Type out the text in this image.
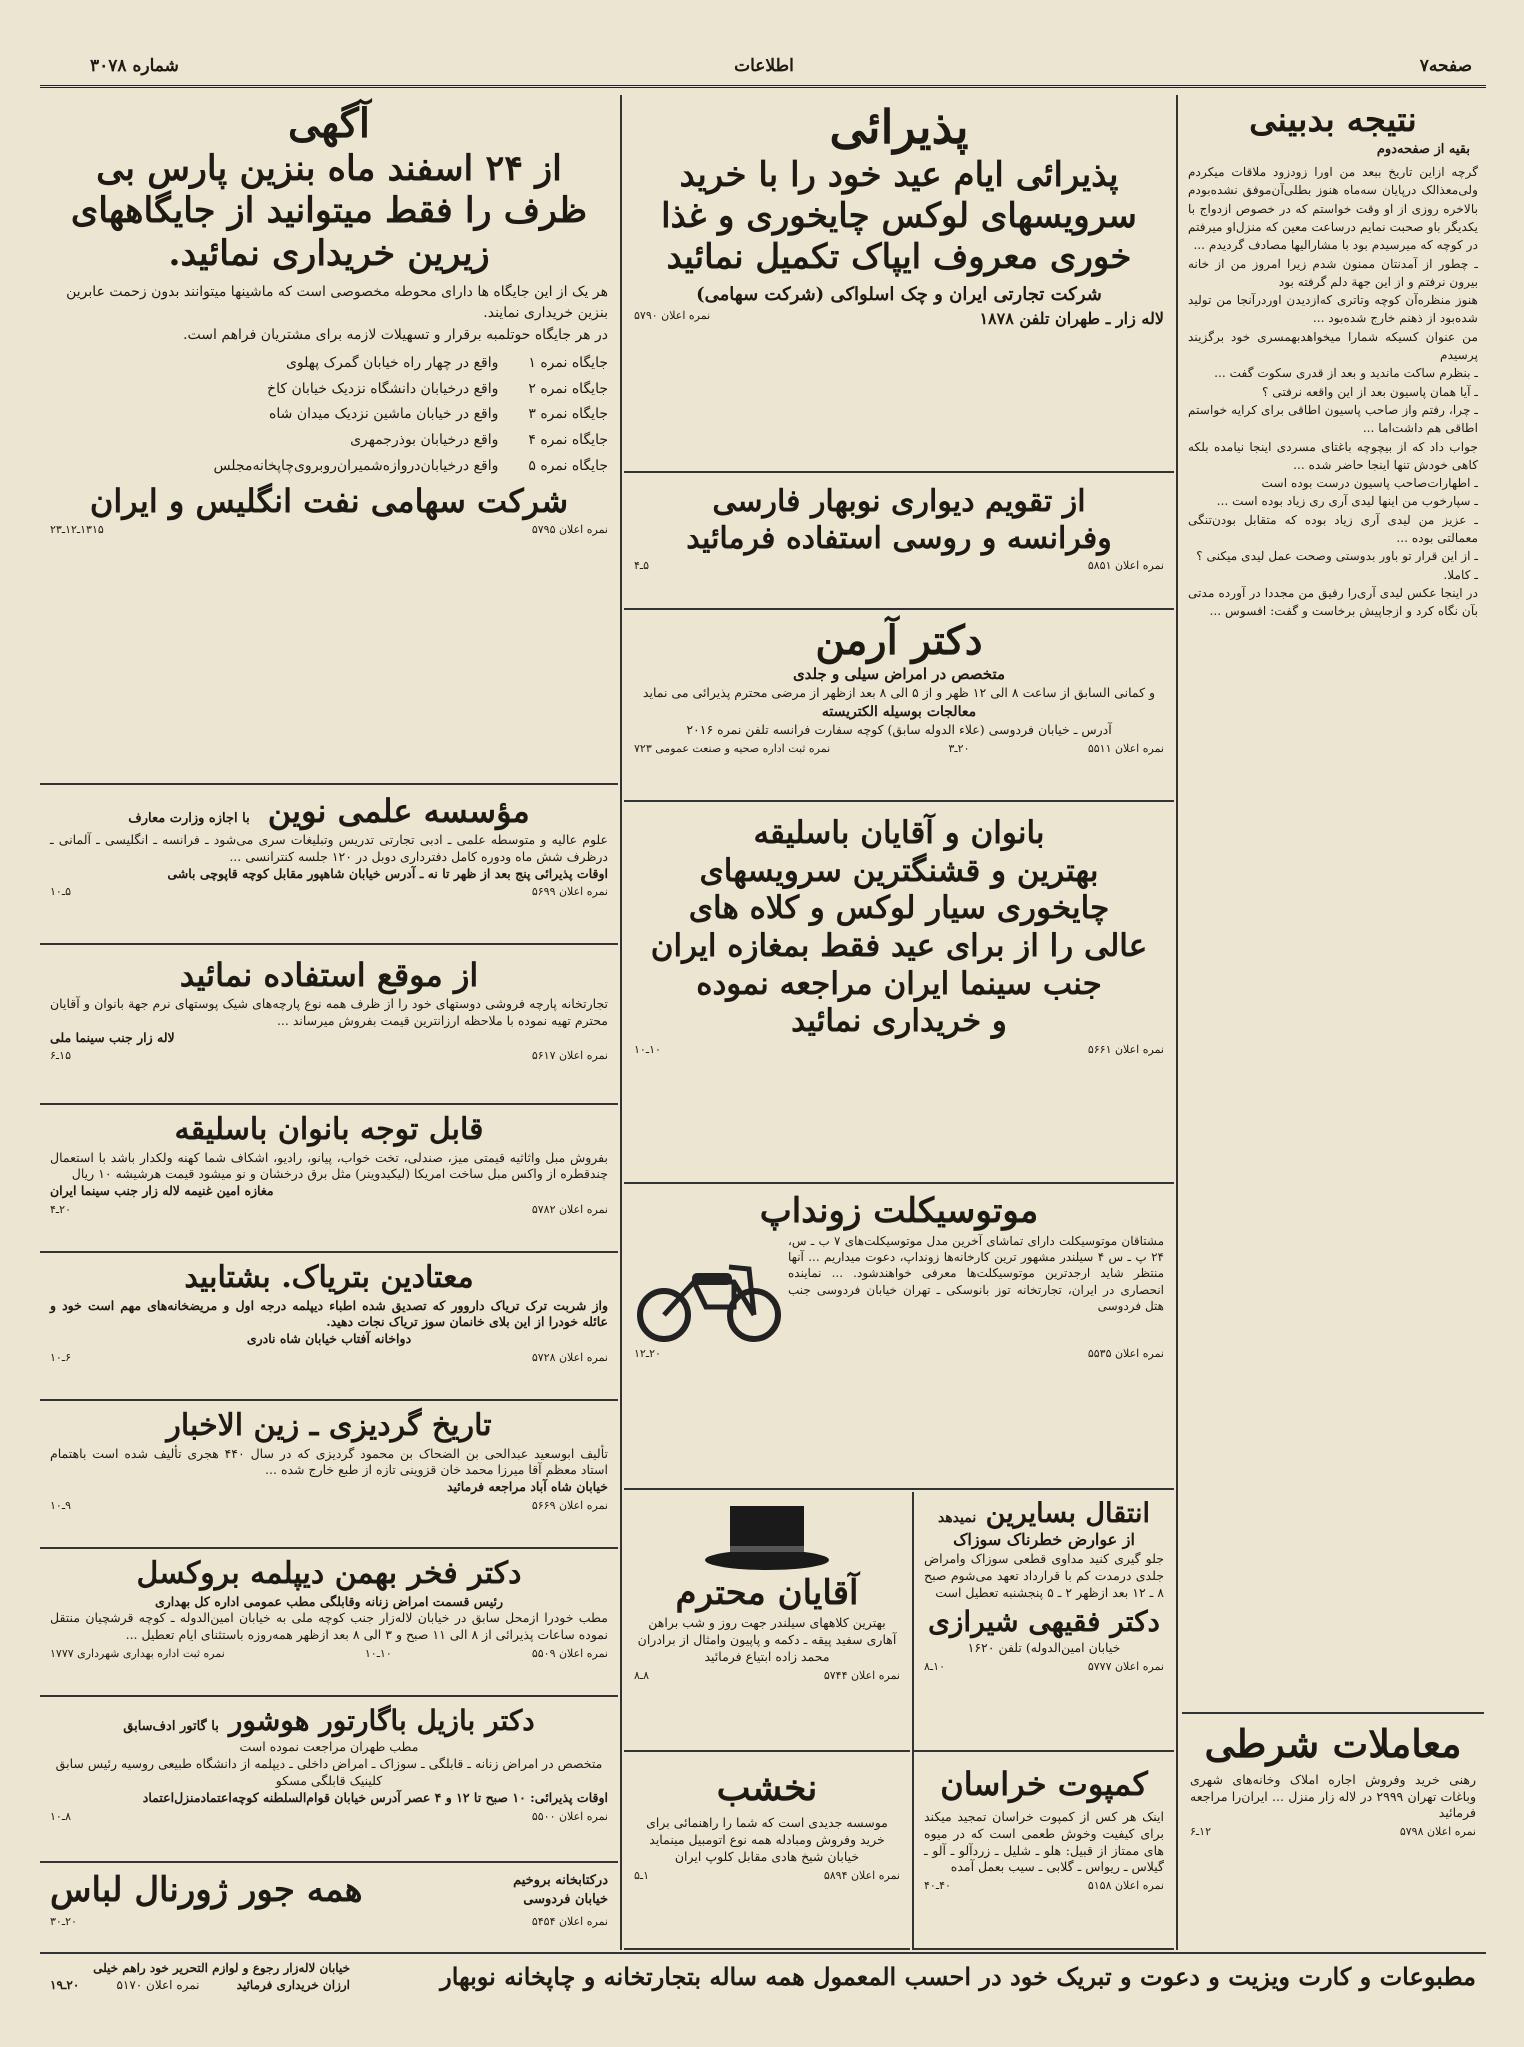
صفحه۷
اطلاعات
شماره ۳۰۷۸
نتیجه بدبینی
بقیه از صفحه‌دوم

گرچه ازاین تاریخ ببعد من اورا زودزود ملاقات میکردم ولی‌معذالک درپایان سه‌ماه هنوز بطلی‌آن‌موفق نشده‌بودم بالاخره روزی از او وقت خواستم که در خصوص ازدواج با یکدیگر باو صحبت نمایم درساعت معین که منزل‌او میرفتم در کوچه که میرسیدم بود با مشارالیها مصادف گردیدم ...

ـ چطور از آمدنتان ممنون شدم زیرا امروز من از خانه بیرون نرفتم و از این جهة دلم گرفته بود

هنوز منظره‌آن کوچه وتاتری که‌ازدیدن اورد‌رآنجا من تولید شده‌بود از ذهنم خارج شده‌بود ...

من عنوان کسیکه شمارا میخواهد‌بهمسری خود برگزیند پرسیدم

ـ بنظرم ساکت ماندید و بعد از قدری سکوت گفت ...

ـ آیا همان پاسیون بعد از این واقعه نرفتی ؟

ـ چرا، رفتم واز صاحب پاسیون اطاقی برای کرایه خواستم اطاقی هم داشت‌اما ...

جواب داد که از بیچوچه باغتای مسردی اینجا نیامده بلکه کاهی خودش تنها اینجا حاضر شده ...

ـ اطهارات‌صاحب پاسیون درست بوده است

ـ سپارخوب من اینها لیدی آری ری زیاد بوده است ...

ـ عزیز من لیدی آری زیاد بوده که متقابل بودن‌تنگی معمالتی بوده ...

ـ از این قرار تو باور بدوستی وصحت عمل لیدی میکنی ؟

ـ کاملا.

در اینجا عکس لیدی آری‌را رفیق من مجددا در آورده مدتی بآن نگاه کرد و ازجاپیش برخاست و گفت: افسوس ...

معاملات شرطی
رهنی خرید وفروش اجاره املاک وخانه‌های شهری وباغات تهران ۲۹۹۹ در لاله زار منزل ... ایران‌را مراجعه فرمائید
نمره اعلان ۵۷۹۸
۱۲ـ۶
پذیرائی
پذیرائی ایام عید خود را با خرید
سرویسهای لوکس چایخوری و غذا
خوری معروف ایپاک تکمیل نمائید
شرکت تجارتی ایران و چک اسلواکی (شرکت سهامی)
لاله زار ـ طهران تلفن ۱۸۷۸
نمره اعلان ۵۷۹۰
از تقویم دیواری نوبهار فارسی
وفرانسه و روسی استفاده فرمائید
نمره اعلان ۵۸۵۱
۵ـ۴
دکتر آرمن
متخصص در امراض سیلی و جلدی
و کمانی السابق از ساعت ۸ الی ۱۲ ظهر و از ۵ الی ۸ بعد ازظهر از مرضی محترم پذیرائی می نماید
معالجات بوسیله الکتریسته
آدرس ـ خیابان فردوسی (علاء الدوله سابق) کوچه سفارت فرانسه تلفن نمره ۲۰۱۶
نمره اعلان ۵۵۱۱
۲۰ـ۳
نمره ثبت اداره صحیه و صنعت عمومی ۷۲۳
بانوان و آقایان باسلیقه
بهترین و قشنگترین سرویسهای
چایخوری سیار لوکس و کلاه های
عالی را از برای عید فقط بمغازه ایران
جنب سینما ایران مراجعه نموده
و خریداری نمائید
نمره اعلان ۵۶۶۱
۱۰ـ۱۰
موتوسیکلت زونداپ
مشتاقان موتوسیکلت دارای تماشای آخرین مدل موتوسیکلت‌های ۷ ب ـ س، ۲۴ پ ـ س ۴ سیلندر مشهور ترین کارخانه‌ها زونداپ، دعوت میداریم ... آنها منتظر شاید ارجدترین موتوسیکلت‌ها معرفی خواهند‌شود. ... نماینده انحصاری در ایران، تجارتخانه توز بانوسکی ـ تهران خیابان فردوسی جنب هتل فردوسی
نمره اعلان ۵۵۳۵
۲۰ـ۱۲
آقایان محترم
بهترین کلاههای سیلندر جهت روز و شب براهن آهاری سفید پیقه ـ دکمه و پاپیون وامثال از برادران محمد زاده ابتیاع فرمائید
نمره اعلان ۵۷۴۴
۸ـ۸
نخشب
موسسه جدیدی است که شما را راهنمائی برای خرید وفروش ومبادله همه نوع اتومبیل مینماید خیابان شیخ هادی مقابل کلوپ ایران
نمره اعلان ۵۸۹۴
۱ـ۵
انتقال بسایرین نمیدهد
از عوارض خطرناک سوزاک
جلو گیری کنید مداوی قطعی سوزاک وامراض جلدی درمدت کم با قرارداد تعهد می‌شوم صبح ۸ ـ ۱۲ بعد ازظهر ۲ ـ ۵ پنجشنبه تعطیل است
دکتر فقیهی شیرازی
خیابان امین‌الدوله) تلفن ۱۶۲۰
نمره اعلان ۵۷۷۷
۱۰ـ۸
کمپوت خراسان
اینک هر کس از کمپوت خراسان تمجید میکند برای کیفیت وخوش طعمی است که در میوه های ممتاز از قبیل: هلو ـ شلیل ـ زردآلو ـ آلو ـ گیلاس ـ ریواس ـ گلابی ـ سیب بعمل آمده
نمره اعلان ۵۱۵۸
۴۰ـ۴۰
آگهی
از ۲۴ اسفند ماه بنزین پارس بی
ظرف را فقط میتوانید از جایگاههای
زیرین خریداری نمائید.
هر یک از این جایگاه ها دارای محوطه مخصوصی است که ماشینها میتوانند بدون زحمت عابرین بنزین خریداری نمایند.
در هر جایگاه حوتلمبه برقرار و تسهیلات لازمه برای مشتریان فراهم است.
جایگاه نمره ۱
واقع در چهار راه خیابان گمرک پهلوی
جایگاه نمره ۲
واقع درخیابان دانشگاه نزدیک خیابان کاخ
جایگاه نمره ۳
واقع در خیابان ماشین نزدیک میدان شاه
جایگاه نمره ۴
واقع درخیابان بوذرجمهری
جایگاه نمره ۵
واقع درخیابان‌دروازه‌شمیران‌روبروی‌چاپخانه‌مجلس
شرکت سهامی نفت انگلیس و ایران
نمره اعلان ۵۷۹۵
۱۳۱۵ـ۱۲ـ۲۳
مؤسسه علمی نوین
با اجازه وزارت معارف
علوم عالیه و متوسطه علمی ـ ادبی تجارتی تدریس وتبلیغات سری می‌شود ـ فرانسه ـ انگلیسی ـ آلمانی ـ درظرف شش ماه ودوره کامل دفترداری دوبل در ۱۲۰ جلسه کنترانسی ...
اوقات پذیرائی پنج بعد از ظهر تا نه ـ آدرس خیابان شاهپور مقابل کوچه قاپوچی باشی
نمره اعلان ۵۶۹۹
۵ـ۱۰
از موقع استفاده نمائید
تجارتخانه پارچه فروشی دوستهای خود را از ظرف همه نوع پارچه‌های شیک پوستهای نرم جهة بانوان و آقایان محترم تهیه نموده با ملاحظه ارزانترین قیمت بفروش میرساند ...
لاله زار جنب سینما ملی
نمره اعلان ۵۶۱۷
۱۵ـ۶
قابل توجه بانوان باسلیقه
بفروش مبل واثاثیه قیمتی میز، صندلی، تخت خواب، پیانو، رادیو، اشکاف شما کهنه ولکدار باشد با استعمال چندقطره از واکس مبل ساخت امریکا (لیکیدوینر) مثل برق درخشان و نو میشود قیمت هرشیشه ۱۰ ریال
مغازه امین غنیمه لاله زار جنب سینما ایران
نمره اعلان ۵۷۸۲
۲۰ـ۴
معتادین بتریاک. بشتابید
واز شربت ترک تریاک داروور که تصدیق شده اطباء دیپلمه درجه اول و مریضخانه‌های مهم است خود و عائله خودرا از این بلای خانمان سوز تریاک نجات دهید.
دواخانه آفتاب خیابان شاه نادری
نمره اعلان ۵۷۲۸
۶ـ۱۰
تاریخ گردیزی ـ زین الاخبار
تألیف ابوسعید عبدالحی بن الضحاک بن محمود گردیزی که در سال ۴۴۰ هجری تألیف شده است باهتمام استاد معظم آقا میرزا محمد خان قزوینی تازه از طبع خارج شده ...
خیابان شاه آباد مراجعه فرمائید
نمره اعلان ۵۶۶۹
۹ـ۱۰
دکتر فخر بهمن دیپلمه بروکسل
رئیس قسمت امراض زنانه وقابلگی مطب عمومی اداره کل بهداری
مطب خودرا ازمحل سابق در خیابان لاله‌زار جنب کوچه ملی به خیابان امین‌الدوله ـ کوچه قرشچیان منتقل نموده ساعات پذیرائی از ۸ الی ۱۱ صبح و ۳ الی ۸ بعد ازظهر همه‌روزه باستثنای ایام تعطیل ...
نمره اعلان ۵۵۰۹
۱۰ـ۱۰
نمره ثبت اداره بهداری شهرداری ۱۷۷۷
دکتر بازیل باگارتور هوشور
با گاتور ادف‌سابق
مطب طهران مراجعت نموده است
متخصص در امراض زنانه ـ قابلگی ـ سوزاک ـ امراض داخلی ـ دیپلمه از دانشگاه طبیعی روسیه رئیس سابق کلینیک قابلگی مسکو
اوقات پذیرائی: ۱۰ صبح تا ۱۲ و ۴ عصر آدرس خیابان قوام‌السلطنه کوچه‌اعتماد‌منزل‌اعتماد
نمره اعلان ۵۵۰۰
۸ـ۱۰
درکتابخانه بروخیم
خیابان فردوسی
همه جور ژورنال لباس
نمره اعلان ۵۴۵۴
۲۰ـ۳۰
مطبوعات و کارت ویزیت و دعوت و تبریک خود در احسب المعمول همه ساله بتجارتخانه و چاپخانه نوبهار
خیابان لاله‌زار رجوع و لوازم التحریر خود راهم خیلی
ارزان خریداری فرمائید
نمره اعلان ۵۱۷۰
۲۰ـ۱۹
